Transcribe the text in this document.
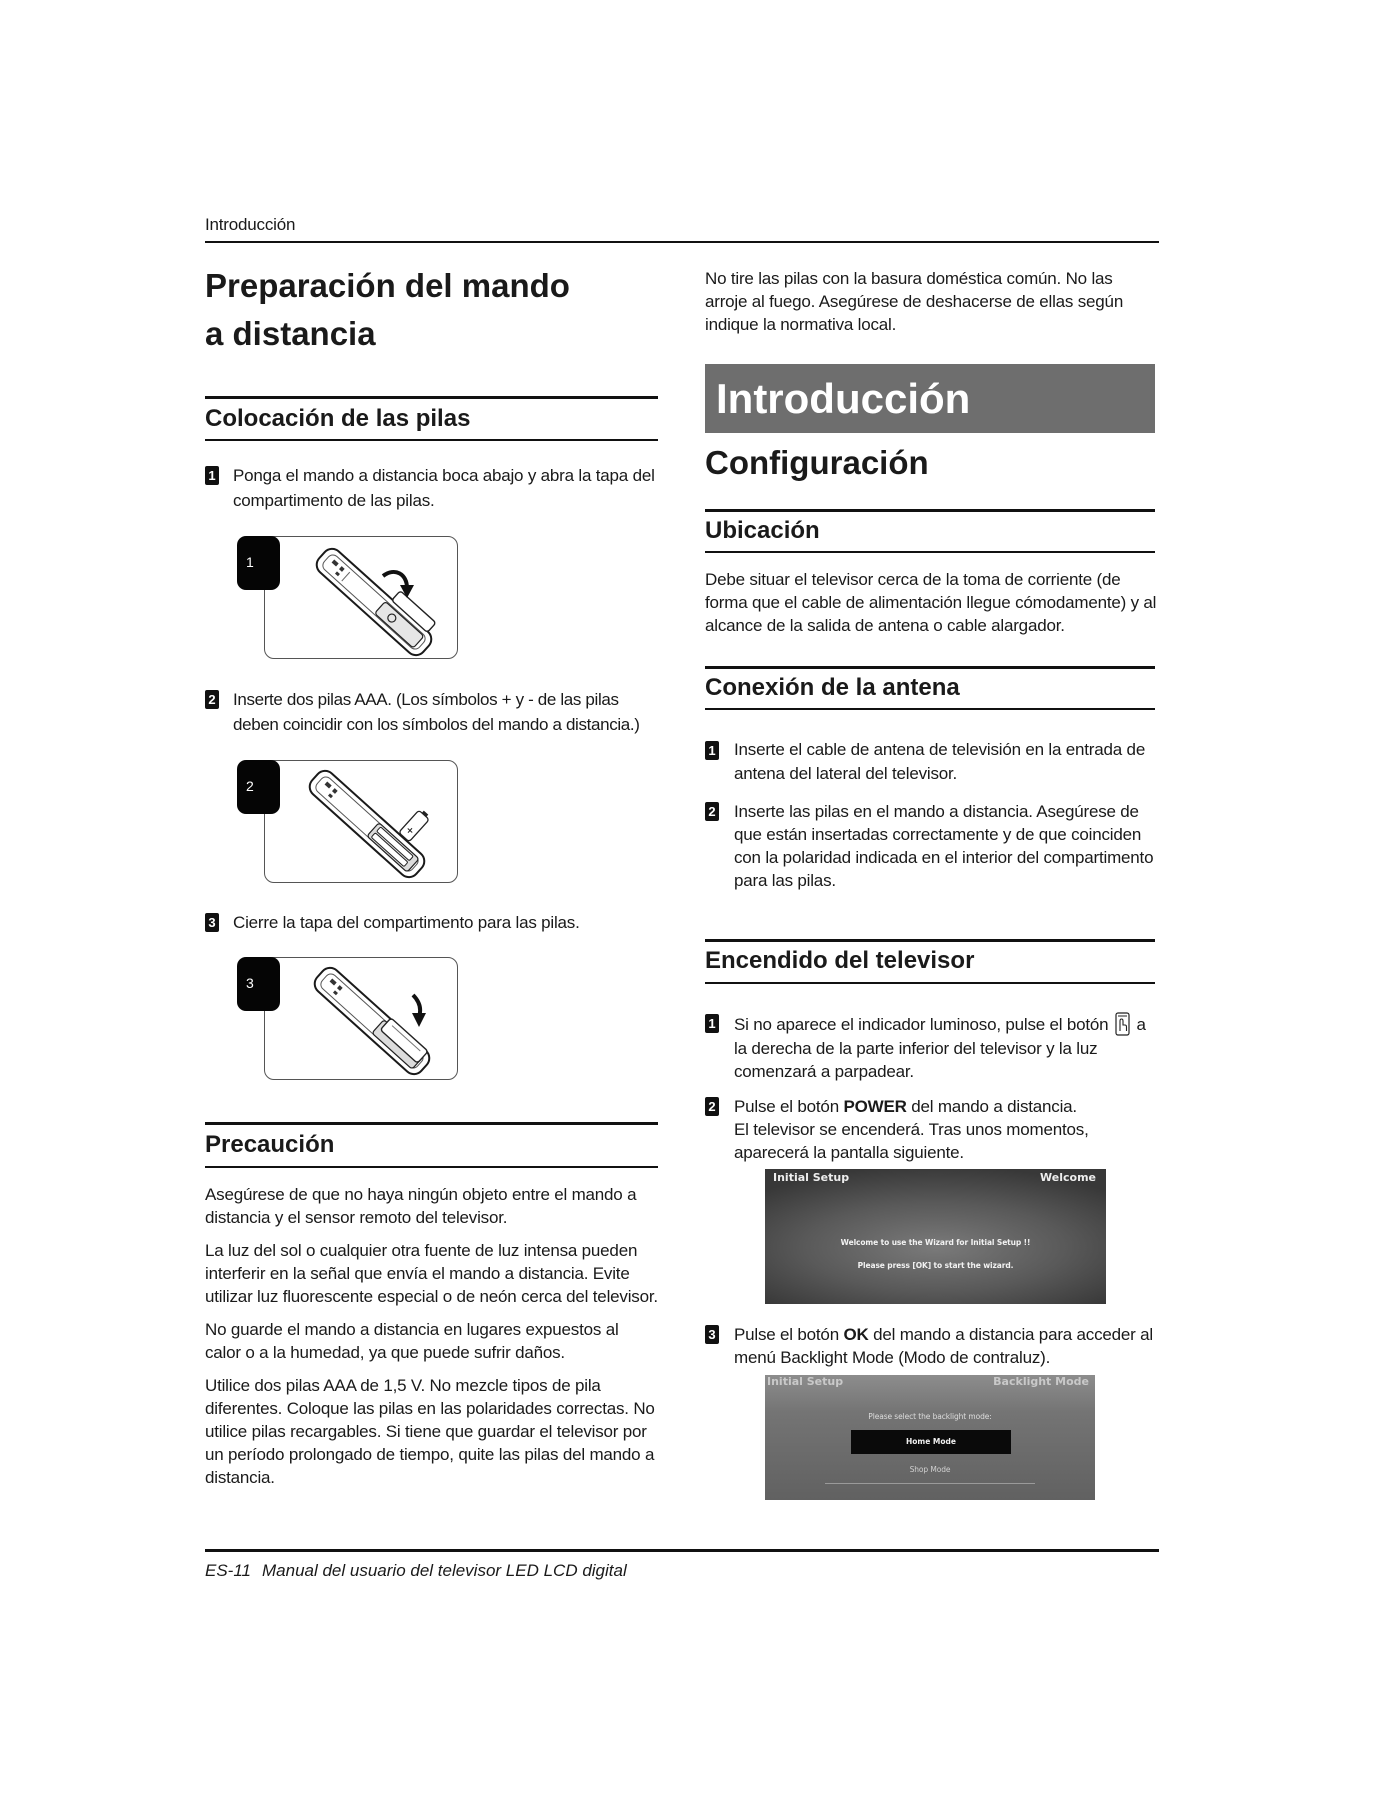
Introducción
Preparación del mando
a distancia
Colocación de las pilas
1 Ponga el mando a distancia boca abajo y abra la tapa del compartimento de las pilas.
1
2 Inserte dos pilas AAA. (Los símbolos + y - de las pilas deben coincidir con los símbolos del mando a distancia.)
2
3 Cierre la tapa del compartimento para las pilas.
3
Precaución

Asegúrese de que no haya ningún objeto entre el mando a distancia y el sensor remoto del televisor.

La luz del sol o cualquier otra fuente de luz intensa pueden interferir en la señal que envía el mando a distancia. Evite utilizar luz fluorescente especial o de neón cerca del televisor.

No guarde el mando a distancia en lugares expuestos al calor o a la humedad, ya que puede sufrir daños.

Utilice dos pilas AAA de 1,5 V. No mezcle tipos de pila diferentes. Coloque las pilas en las polaridades correctas. No utilice pilas recargables. Si tiene que guardar el televisor por un período prolongado de tiempo, quite las pilas del mando a distancia.

No tire las pilas con la basura doméstica común. No las arroje al fuego. Asegúrese de deshacerse de ellas según indique la normativa local.
Introducción
Configuración
Ubicación
Debe situar el televisor cerca de la toma de corriente (de forma que el cable de alimentación llegue cómodamente) y al alcance de la salida de antena o cable alargador.
Conexión de la antena
1 Inserte el cable de antena de televisión en la entrada de antena del lateral del televisor.
2 Inserte las pilas en el mando a distancia. Asegúrese de que están insertadas correctamente y de que coinciden con la polaridad indicada en el interior del compartimento para las pilas.
Encendido del televisor
1 Si no aparece el indicador luminoso, pulse el botón a la derecha de la parte inferior del televisor y la luz comenzará a parpadear.
2 Pulse el botón POWER del mando a distancia.
El televisor se encenderá. Tras unos momentos, aparecerá la pantalla siguiente.
Initial Setup	Welcome
Welcome to use the Wizard for Initial Setup !!
Please press [OK] to start the wizard.
3 Pulse el botón OK del mando a distancia para acceder al menú Backlight Mode (Modo de contraluz).
Initial Setup	Backlight Mode
Please select the backlight mode:
Home Mode
Shop Mode
ES-11 Manual del usuario del televisor LED LCD digital
